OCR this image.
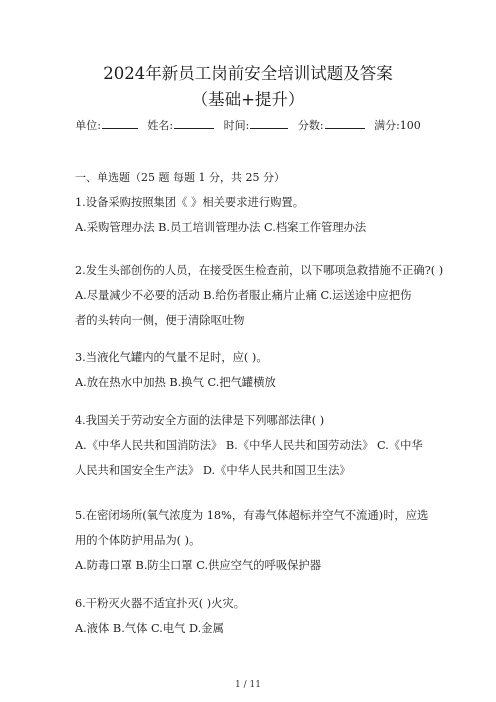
2024年新员工岗前安全培训试题及答案
（基础+提升）
单位:	姓名:	时间:	分数:	满分:100
一、单选题（25 题 每题 1 分，共 25 分）
1.设备采购按照集团《 》相关要求进行购置。
A.采购管理办法 B.员工培训管理办法 C.档案工作管理办法
2.发生头部创伤的人员，在接受医生检查前，以下哪项急救措施不正确?( )
A.尽量减少不必要的活动 B.给伤者服止痛片止痛 C.运送途中应把伤
者的头转向一侧，便于清除呕吐物
3.当液化气罐内的气量不足时，应( )。
A.放在热水中加热 B.换气 C.把气罐横放
4.我国关于劳动安全方面的法律是下列哪部法律( )
A.《中华人民共和国消防法》 B.《中华人民共和国劳动法》 C.《中华
人民共和国安全生产法》 D.《中华人民共和国卫生法》
5.在密闭场所(氧气浓度为 18%，有毒气体超标并空气不流通)时，应选
用的个体防护用品为( )。
A.防毒口罩 B.防尘口罩 C.供应空气的呼吸保护器
6.干粉灭火器不适宜扑灭( )火灾。
A.液体 B.气体 C.电气 D.金属
1 / 11
